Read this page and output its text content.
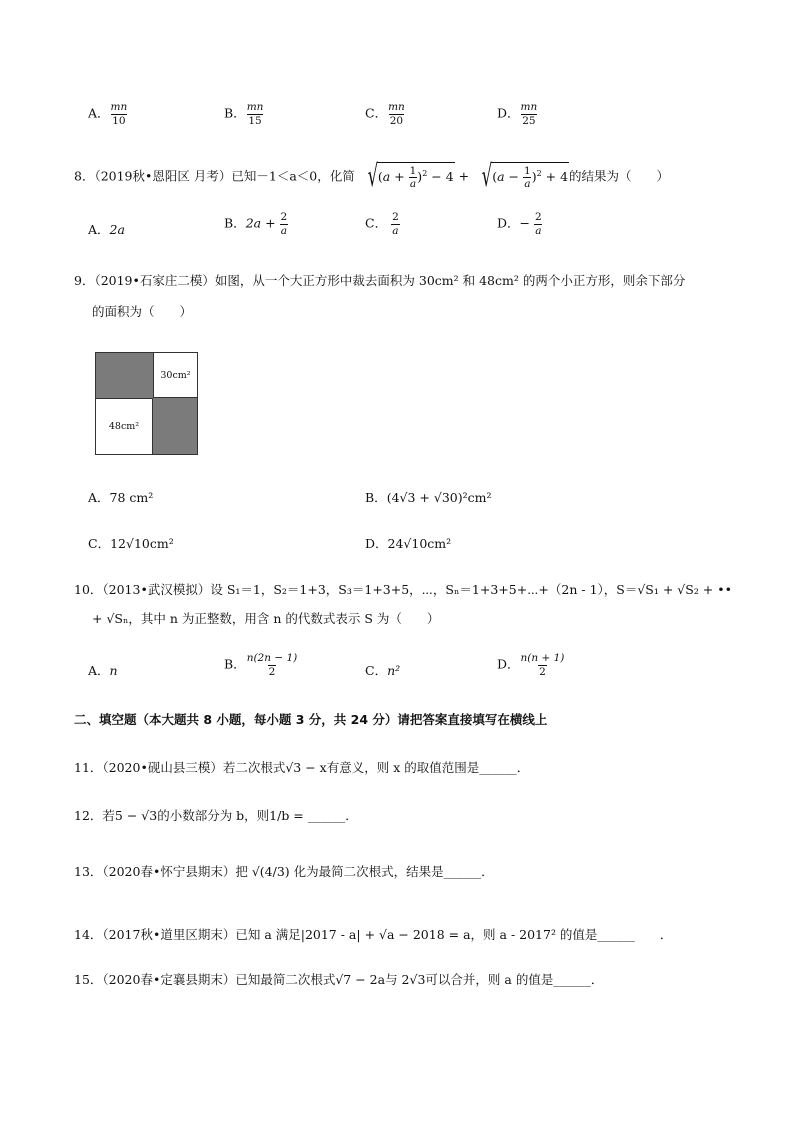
A． $\frac{mn}{10}$	B． $\frac{mn}{15}$	C． $\frac{mn}{20}$	D． $\frac{mn}{25}$
8．（2019秋•恩阳区 月考）已知－1＜a＜0，化简 √ $(a + \frac{1}{a} )^2 - 4$ + √ $(a - \frac{1}{a} )^2 + 4$ 的结果为（　　）
A．2a	B．$2a + \frac{2}{a}$	C． $\frac{2}{a}$	D．− $\frac{2}{a}$
9．（2019•石家庄二模）如图，从一个大正方形中裁去面积为 30cm² 和 48cm² 的两个小正方形，则余下部分
的面积为（　　）
30cm²
48cm²
A．78 cm²	B．(4√3 + √30)²cm²
C．12√10cm²	D．24√10cm²
10．（2013•武汉模拟）设 S₁＝1，S₂＝1+3，S₃＝1+3+5，⋯，Sₙ＝1+3+5+⋯+（2n - 1），S＝√S₁ + √S₂ + ••
+ √Sₙ，其中 n 为正整数，用含 n 的代数式表示 S 为（　　）
A．n	B． $\frac{n(2n - 1)}{2}$	C．n²	D． $\frac{n(n + 1)}{2}$
二、填空题（本大题共 8 小题，每小题 3 分，共 24 分）请把答案直接填写在横线上
11．（2020•砚山县三模）若二次根式√3 − x有意义，则 x 的取值范围是______．
12．若5 − √3的小数部分为 b，则1/b = ______．
13．（2020春•怀宁县期末）把 √(4/3) 化为最简二次根式，结果是______．
14．（2017秋•道里区期末）已知 a 满足|2017 - a| + √a − 2018 = a，则 a - 2017² 的值是______　　．
15．（2020春•定襄县期末）已知最简二次根式√7 − 2a与 2√3可以合并，则 a 的值是______．
